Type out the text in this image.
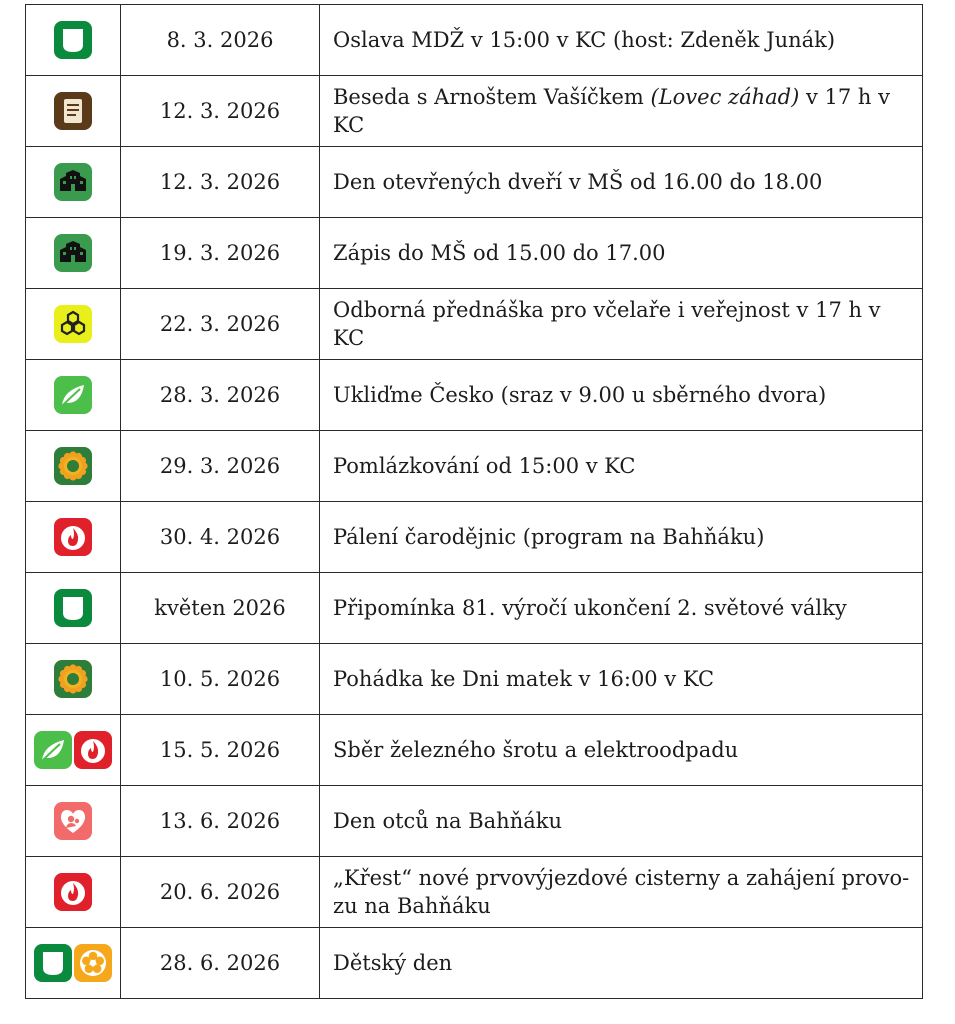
	8. 3. 2026	Oslava MDŽ v 15:00 v KC (host: Zdeněk Junák)

	12. 3. 2026	Beseda s Arnoštem Vašíčkem (Lovec záhad) v 17 h v KC

	12. 3. 2026	Den otevřených dveří v MŠ od 16.00 do 18.00

	19. 3. 2026	Zápis do MŠ od 15.00 do 17.00

	22. 3. 2026	Odborná přednáška pro včelaře i veřejnost v 17 h v KC

	28. 3. 2026	Ukliďme Česko (sraz v 9.00 u sběrného dvora)

	29. 3. 2026	Pomlázkování od 15:00 v KC

	30. 4. 2026	Pálení čarodějnic (program na Bahňáku)

	květen 2026	Připomínka 81. výročí ukončení 2. světové války

	10. 5. 2026	Pohádka ke Dni matek v 16:00 v KC

	15. 5. 2026	Sběr železného šrotu a elektroodpadu

	13. 6. 2026	Den otců na Bahňáku

	20. 6. 2026	„Křest“ nové prvovýjezdové cisterny a zahájení provo-zu na Bahňáku

	28. 6. 2026	Dětský den
